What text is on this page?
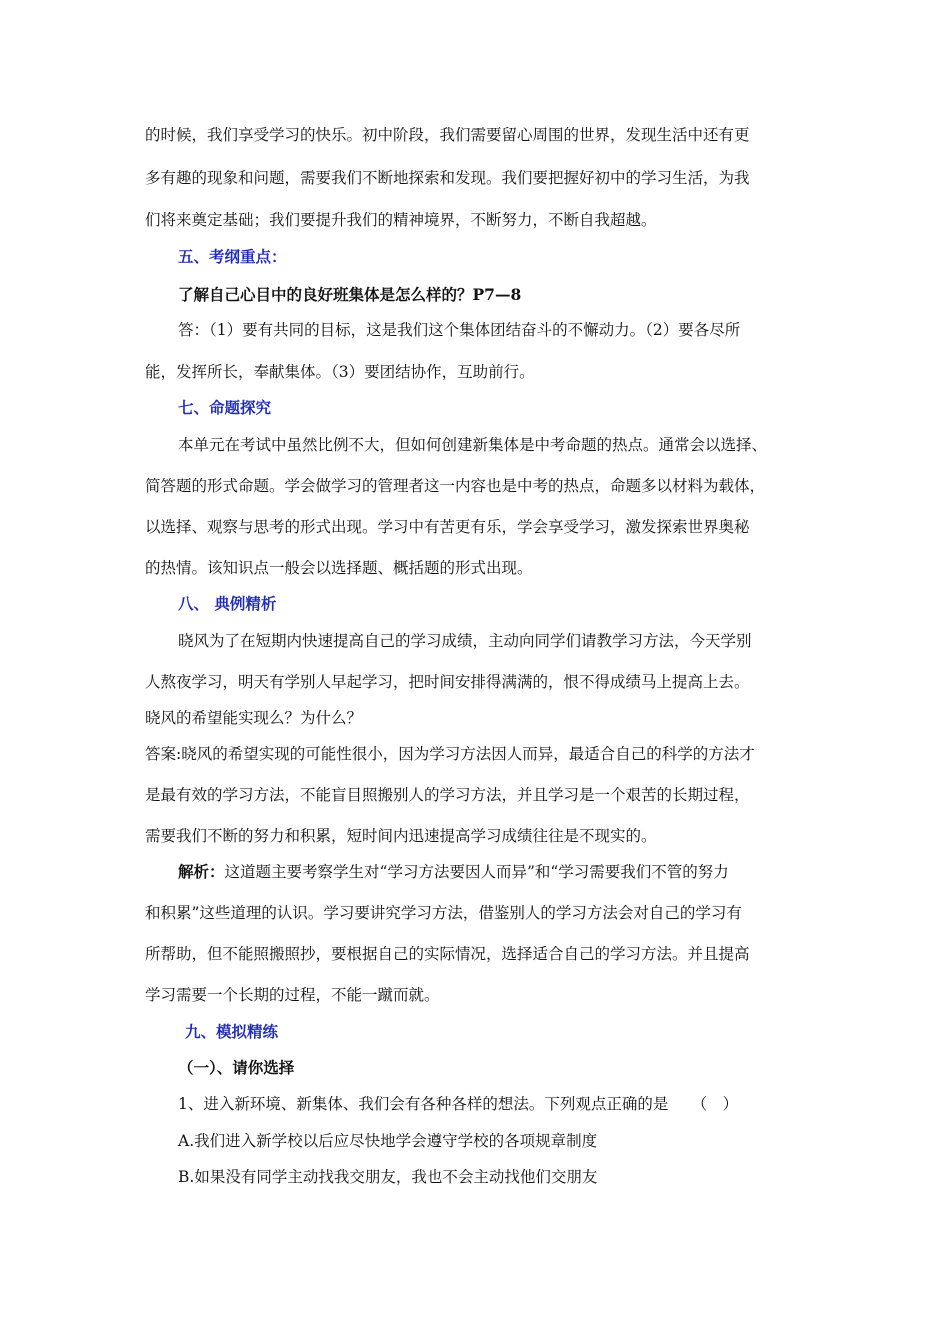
的时候，我们享受学习的快乐。初中阶段，我们需要留心周围的世界，发现生活中还有更
多有趣的现象和问题，需要我们不断地探索和发现。我们要把握好初中的学习生活，为我
们将来奠定基础；我们要提升我们的精神境界，不断努力，不断自我超越。
五、考纲重点：
了解自己心目中的良好班集体是怎么样的？P7—8
答：（1）要有共同的目标，这是我们这个集体团结奋斗的不懈动力。（2）要各尽所
能，发挥所长，奉献集体。（3）要团结协作，互助前行。
七、命题探究
本单元在考试中虽然比例不大，但如何创建新集体是中考命题的热点。通常会以选择、
简答题的形式命题。学会做学习的管理者这一内容也是中考的热点，命题多以材料为载体，
以选择、观察与思考的形式出现。学习中有苦更有乐，学会享受学习，激发探索世界奥秘
的热情。该知识点一般会以选择题、概括题的形式出现。
八、 典例精析
晓风为了在短期内快速提高自己的学习成绩，主动向同学们请教学习方法，今天学别
人熬夜学习，明天有学别人早起学习，把时间安排得满满的，恨不得成绩马上提高上去。
晓风的希望能实现么？为什么？
答案:晓风的希望实现的可能性很小，因为学习方法因人而异，最适合自己的科学的方法才
是最有效的学习方法，不能盲目照搬别人的学习方法，并且学习是一个艰苦的长期过程，
需要我们不断的努力和积累，短时间内迅速提高学习成绩往往是不现实的。
解析：这道题主要考察学生对“学习方法要因人而异”和“学习需要我们不管的努力
和积累”这些道理的认识。学习要讲究学习方法，借鉴别人的学习方法会对自己的学习有
所帮助，但不能照搬照抄，要根据自己的实际情况，选择适合自己的学习方法。并且提高
学习需要一个长期的过程，不能一蹴而就。
九、模拟精练
（一）、请你选择
1、进入新环境、新集体、我们会有各种各样的想法。下列观点正确的是　　（　）
A.我们进入新学校以后应尽快地学会遵守学校的各项规章制度
B.如果没有同学主动找我交朋友，我也不会主动找他们交朋友
